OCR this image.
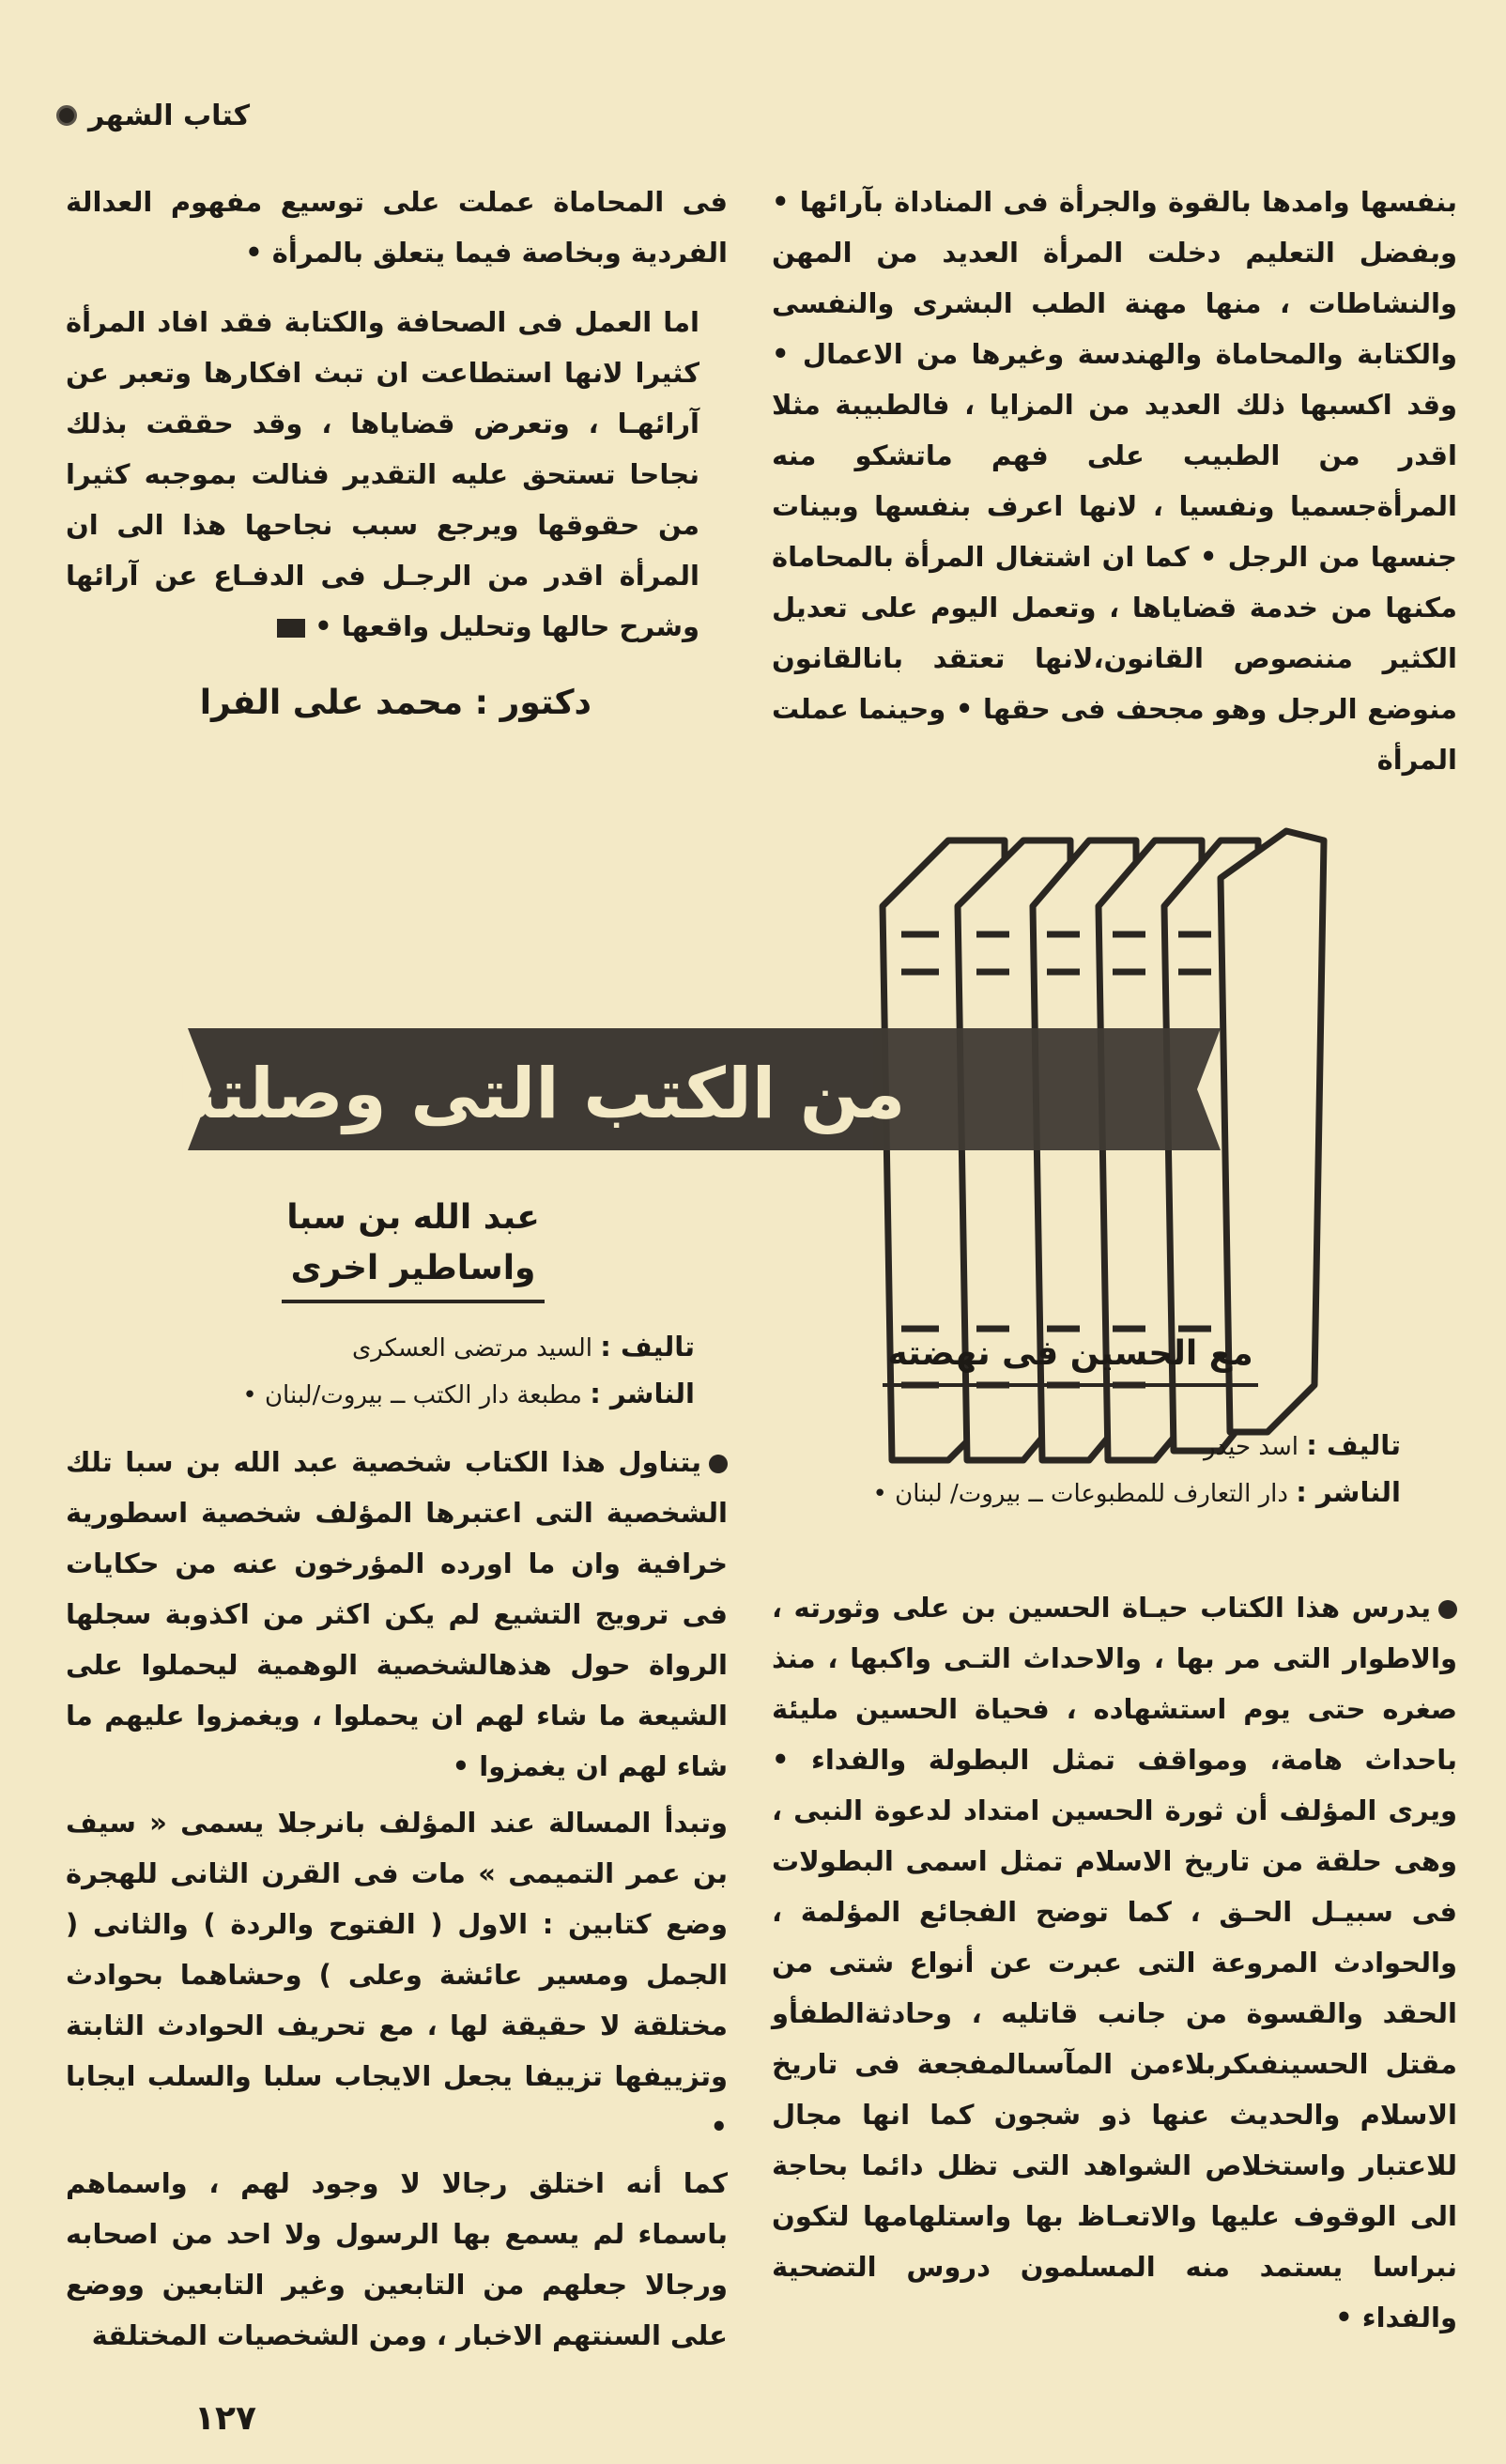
كتاب الشهر

بنفسها وامدها بالقوة والجرأة فى المناداة بآرائها • وبفضل التعليم دخلت المرأة العديد من المهن والنشاطات ، منها مهنة الطب البشرى والنفسى والكتابة والمحاماة والهندسة وغيرها من الاعمال • وقد اكسبها ذلك العديد من المزايا ، فالطبيبة مثلا اقدر من الطبيب على فهم ماتشكو منه المرأةجسميا ونفسيا ، لانها اعرف بنفسها وبينات جنسها من الرجل • كما ان اشتغال المرأة بالمحاماة مكنها من خدمة قضاياها ، وتعمل اليوم على تعديل الكثير مننصوص القانون،لانها تعتقد بانالقانون منوضع الرجل وهو مجحف فى حقها • وحينما عملت المرأة

فى المحاماة عملت على توسيع مفهوم العدالة الفردية وبخاصة فيما يتعلق بالمرأة •

اما العمل فى الصحافة والكتابة فقد افاد المرأة كثيرا لانها استطاعت ان تبث افكارها وتعبر عن آرائهـا ، وتعرض قضاياها ، وقد حققت بذلك نجاحا تستحق عليه التقدير فنالت بموجبه كثيرا من حقوقها ويرجع سبب نجاحها هذا الى ان المرأة اقدر من الرجـل فى الدفـاع عن آرائها وشرح حالها وتحليل واقعها •

دكتور : محمد على الفرا
من الكتب التى وصلتنا
عبد الله بن سبا
واساطير اخرى
مع الحسين فى نهضته
تاليف : السيد مرتضى العسكرى
الناشر : مطبعة دار الكتب ــ بيروت/لبنان •

يتناول هذا الكتاب شخصية عبد الله بن سبا تلك الشخصية التى اعتبرها المؤلف شخصية اسطورية خرافية وان ما اورده المؤرخون عنه من حكايات فى ترويج التشيع لم يكن اكثر من اكذوبة سجلها الرواة حول هذهالشخصية الوهمية ليحملوا على الشيعة ما شاء لهم ان يحملوا ، ويغمزوا عليهم ما شاء لهم ان يغمزوا •

وتبدأ المسالة عند المؤلف بانرجلا يسمى « سيف بن عمر التميمى » مات فى القرن الثانى للهجرة وضع كتابين : الاول ( الفتوح والردة ) والثانى ( الجمل ومسير عائشة وعلى ) وحشاهما بحوادث مختلقة لا حقيقة لها ، مع تحريف الحوادث الثابتة وتزييفها تزييفا يجعل الايجاب سلبا والسلب ايجابا •

كما أنه اختلق رجالا لا وجود لهم ، واسماهم باسماء لم يسمع بها الرسول ولا احد من اصحابه ورجالا جعلهم من التابعين وغير التابعين ووضع على السنتهم الاخبار ، ومن الشخصيات المختلقة

تاليف : اسد حيدر
الناشر : دار التعارف للمطبوعات ــ بيروت/ لبنان •

يدرس هذا الكتاب حيـاة الحسين بن على وثورته ، والاطوار التى مر بها ، والاحداث التـى واكبها ، منذ صغره حتى يوم استشهاده ، فحياة الحسين مليئة باحداث هامة، ومواقف تمثل البطولة والفداء • ويرى المؤلف أن ثورة الحسين امتداد لدعوة النبى ، وهى حلقة من تاريخ الاسلام تمثل اسمى البطولات فى سبيـل الحـق ، كما توضح الفجائع المؤلمة ، والحوادث المروعة التى عبرت عن أنواع شتى من الحقد والقسوة من جانب قاتليه ، وحادثةالطفأو مقتل الحسينفىكربلاءمن المآسىالمفجعة فى تاريخ الاسلام والحديث عنها ذو شجون كما انها مجال للاعتبار واستخلاص الشواهد التى تظل دائما بحاجة الى الوقوف عليها والاتعـاظ بها واستلهامها لتكون نبراسا يستمد منه المسلمون دروس التضحية والفداء •

١٢٧
